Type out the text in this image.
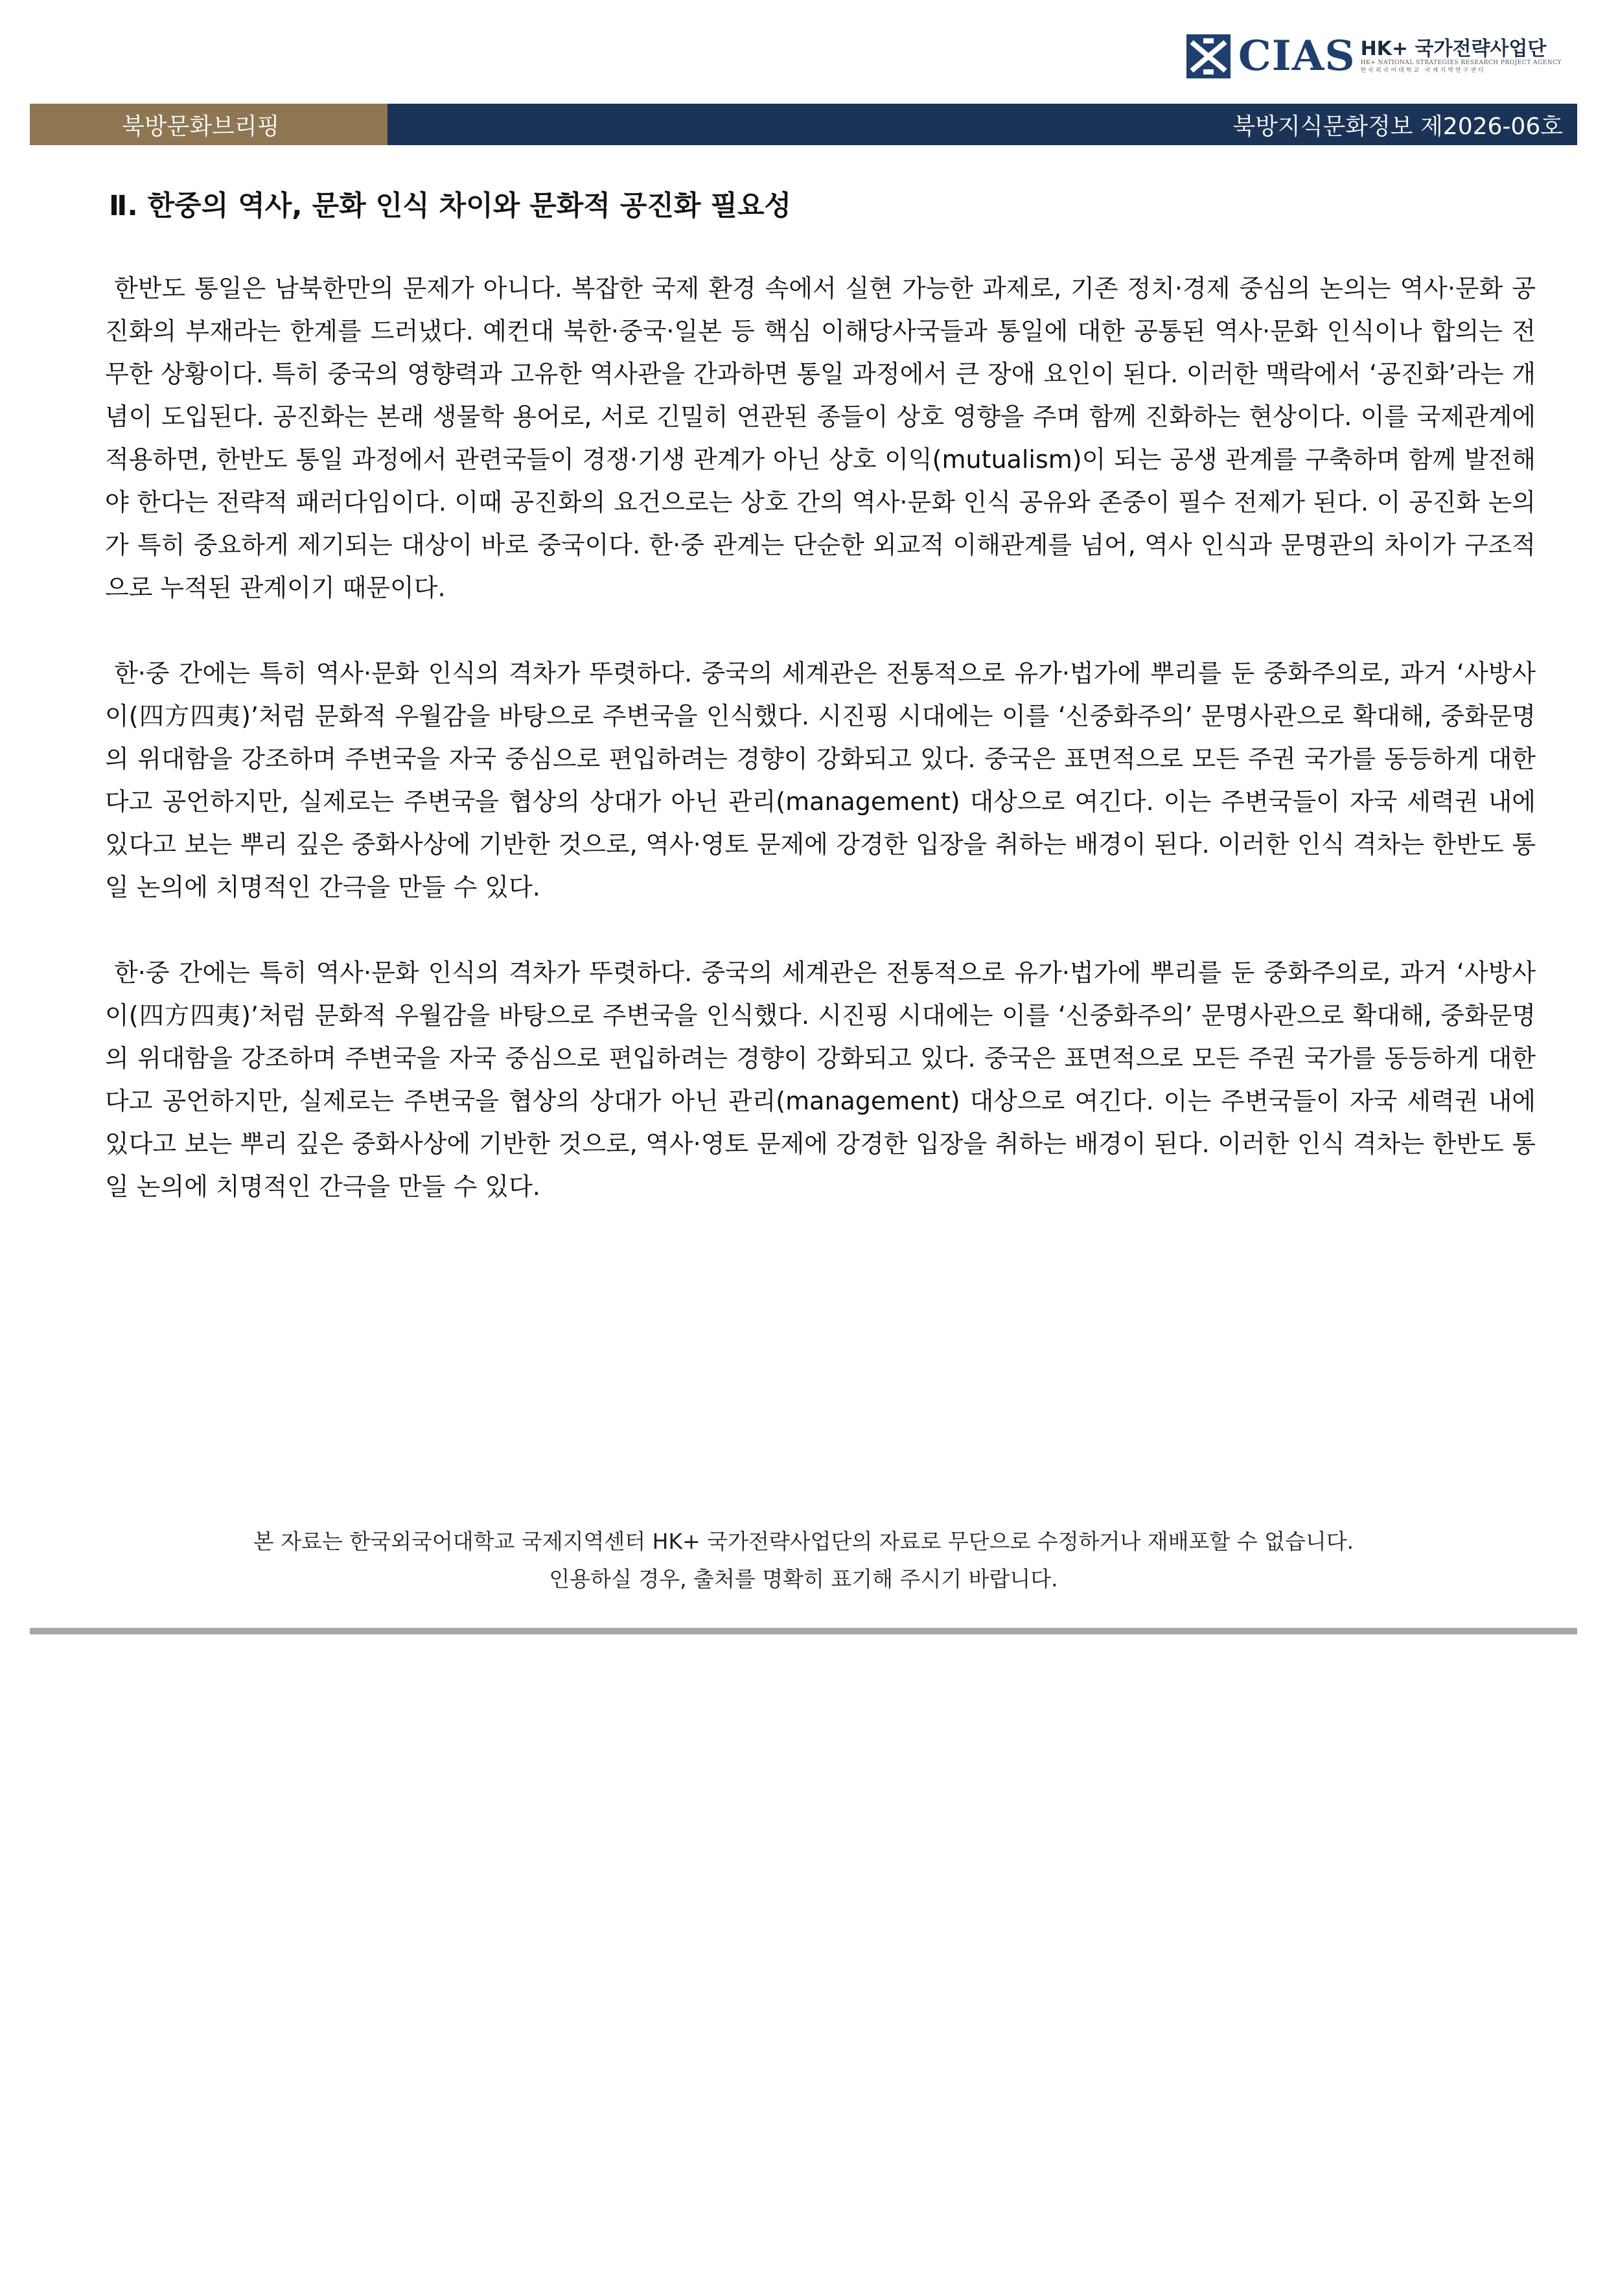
CIAS HK+ 국가전략사업단
HK+ NATIONAL STRATEGIES RESEARCH PROJECT AGENCY
한국외국어대학교 국제지역연구센터
북방문화브리핑	북방지식문화정보 제2026-06호
Ⅱ. 한중의 역사, 문화 인식 차이와 문화적 공진화 필요성

한반도 통일은 남북한만의 문제가 아니다. 복잡한 국제 환경 속에서 실현 가능한 과제로, 기존 정치·경제 중심의 논의는 역사·문화 공진화의 부재라는 한계를 드러냈다. 예컨대 북한·중국·일본 등 핵심 이해당사국들과 통일에 대한 공통된 역사·문화 인식이나 합의는 전무한 상황이다. 특히 중국의 영향력과 고유한 역사관을 간과하면 통일 과정에서 큰 장애 요인이 된다. 이러한 맥락에서 ‘공진화’라는 개념이 도입된다. 공진화는 본래 생물학 용어로, 서로 긴밀히 연관된 종들이 상호 영향을 주며 함께 진화하는 현상이다. 이를 국제관계에 적용하면, 한반도 통일 과정에서 관련국들이 경쟁·기생 관계가 아닌 상호 이익(mutualism)이 되는 공생 관계를 구축하며 함께 발전해야 한다는 전략적 패러다임이다. 이때 공진화의 요건으로는 상호 간의 역사·문화 인식 공유와 존중이 필수 전제가 된다. 이 공진화 논의가 특히 중요하게 제기되는 대상이 바로 중국이다. 한·중 관계는 단순한 외교적 이해관계를 넘어, 역사 인식과 문명관의 차이가 구조적으로 누적된 관계이기 때문이다.

한·중 간에는 특히 역사·문화 인식의 격차가 뚜렷하다. 중국의 세계관은 전통적으로 유가·법가에 뿌리를 둔 중화주의로, 과거 ‘사방사이(四方四夷)’처럼 문화적 우월감을 바탕으로 주변국을 인식했다. 시진핑 시대에는 이를 ‘신중화주의’ 문명사관으로 확대해, 중화문명의 위대함을 강조하며 주변국을 자국 중심으로 편입하려는 경향이 강화되고 있다. 중국은 표면적으로 모든 주권 국가를 동등하게 대한다고 공언하지만, 실제로는 주변국을 협상의 상대가 아닌 관리(management) 대상으로 여긴다. 이는 주변국들이 자국 세력권 내에 있다고 보는 뿌리 깊은 중화사상에 기반한 것으로, 역사·영토 문제에 강경한 입장을 취하는 배경이 된다. 이러한 인식 격차는 한반도 통일 논의에 치명적인 간극을 만들 수 있다.

한·중 간에는 특히 역사·문화 인식의 격차가 뚜렷하다. 중국의 세계관은 전통적으로 유가·법가에 뿌리를 둔 중화주의로, 과거 ‘사방사이(四方四夷)’처럼 문화적 우월감을 바탕으로 주변국을 인식했다. 시진핑 시대에는 이를 ‘신중화주의’ 문명사관으로 확대해, 중화문명의 위대함을 강조하며 주변국을 자국 중심으로 편입하려는 경향이 강화되고 있다. 중국은 표면적으로 모든 주권 국가를 동등하게 대한다고 공언하지만, 실제로는 주변국을 협상의 상대가 아닌 관리(management) 대상으로 여긴다. 이는 주변국들이 자국 세력권 내에 있다고 보는 뿌리 깊은 중화사상에 기반한 것으로, 역사·영토 문제에 강경한 입장을 취하는 배경이 된다. 이러한 인식 격차는 한반도 통일 논의에 치명적인 간극을 만들 수 있다.

본 자료는 한국외국어대학교 국제지역센터 HK+ 국가전략사업단의 자료로 무단으로 수정하거나 재배포할 수 없습니다.
인용하실 경우, 출처를 명확히 표기해 주시기 바랍니다.
